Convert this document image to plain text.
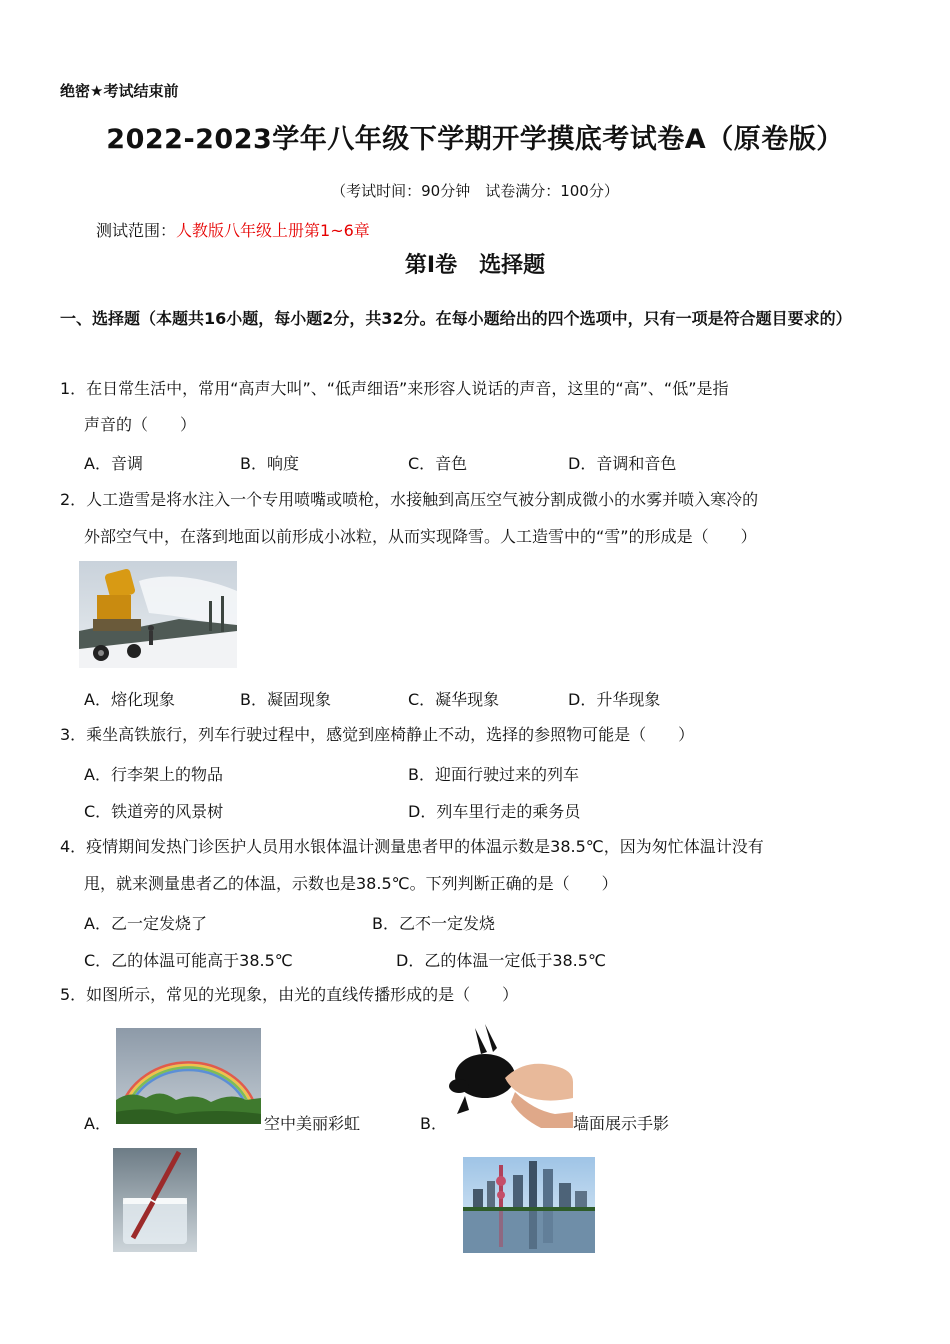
绝密★考试结束前
2022-2023学年八年级下学期开学摸底考试卷A（原卷版）
（考试时间：90分钟　试卷满分：100分）
测试范围：人教版八年级上册第1~6章
第Ⅰ卷　选择题
一、选择题（本题共16小题，每小题2分，共32分。在每小题给出的四个选项中，只有一项是符合题目要求的）
1．在日常生活中，常用“高声大叫”、“低声细语”来形容人说话的声音，这里的“高”、“低”是指
声音的（　　）
A．音调	B．响度	C．音色	D．音调和音色
2．人工造雪是将水注入一个专用喷嘴或喷枪，水接触到高压空气被分割成微小的水雾并喷入寒冷的
外部空气中，在落到地面以前形成小冰粒，从而实现降雪。人工造雪中的“雪”的形成是（　　）
A．熔化现象	B．凝固现象	C．凝华现象	D．升华现象
3．乘坐高铁旅行，列车行驶过程中，感觉到座椅静止不动，选择的参照物可能是（　　）
A．行李架上的物品	B．迎面行驶过来的列车
C．铁道旁的风景树	D．列车里行走的乘务员
4．疫情期间发热门诊医护人员用水银体温计测量患者甲的体温示数是38.5℃，因为匆忙体温计没有
甩，就来测量患者乙的体温，示数也是38.5℃。下列判断正确的是（　　）
A．乙一定发烧了	B．乙不一定发烧
C．乙的体温可能高于38.5℃	D．乙的体温一定低于38.5℃
5．如图所示，常见的光现象，由光的直线传播形成的是（　　）
A．	空中美丽彩虹	B．	墙面展示手影
